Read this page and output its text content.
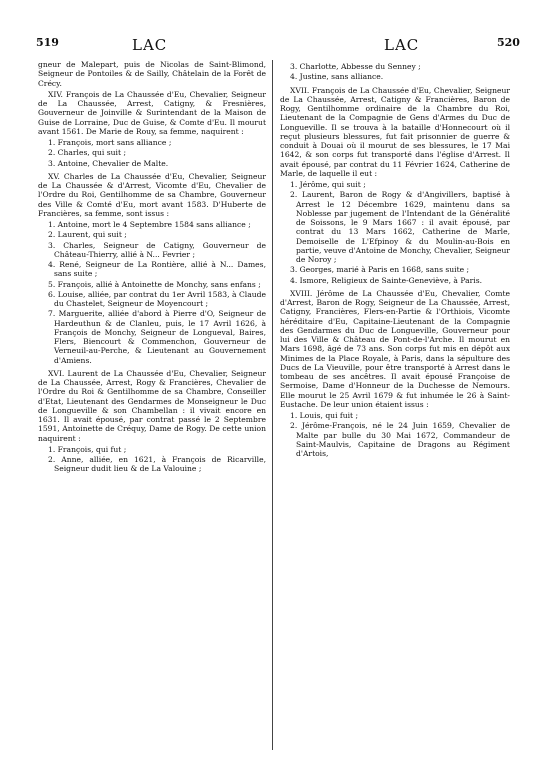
519	LAC	LAC	520

gneur de Malepart, puis de Nicolas de Saint-Blimond, Seigneur de Pontoiles & de Sailly, Châtelain de la Forêt de Crécy.

XIV. François de La Chaussée d'Eu, Chevalier, Seigneur de La Chaussée, Arrest, Catigny, & Fresnières, Gouverneur de Joinville & Surintendant de la Maison de Guise de Lorraine, Duc de Guise, & Comte d'Eu. Il mourut avant 1561. De Marie de Rouy, sa femme, naquirent :

1. François, mort sans alliance ;
2. Charles, qui suit ;
3. Antoine, Chevalier de Malte.

XV. Charles de La Chaussée d'Eu, Chevalier, Seigneur de La Chaussée & d'Arrest, Vicomte d'Eu, Chevalier de l'Ordre du Roi, Gentilhomme de sa Chambre, Gouverneur des Ville & Comté d'Eu, mort avant 1583. D'Huberte de Francières, sa femme, sont issus :

1. Antoine, mort le 4 Septembre 1584 sans alliance ;
2. Laurent, qui suit ;
3. Charles, Seigneur de Catigny, Gouverneur de Château-Thierry, allié à N... Fevrier ;
4. René, Seigneur de La Rontière, allié à N... Dames, sans suite ;
5. François, allié à Antoinette de Monchy, sans enfans ;
6. Louise, alliée, par contrat du 1er Avril 1583, à Claude du Chastelet, Seigneur de Moyencourt ;
7. Marguerite, alliée d'abord à Pierre d'O, Seigneur de Hardeuthun & de Clanleu, puis, le 17 Avril 1626, à François de Monchy, Seigneur de Longueval, Baires, Flers, Biencourt & Commenchon, Gouverneur de Verneuil-au-Perche, & Lieutenant au Gouvernement d'Amiens.

XVI. Laurent de La Chaussée d'Eu, Chevalier, Seigneur de La Chaussée, Arrest, Rogy & Francières, Chevalier de l'Ordre du Roi & Gentilhomme de sa Chambre, Conseiller d'Etat, Lieutenant des Gendarmes de Monseigneur le Duc de Longueville & son Chambellan : il vivait encore en 1631. Il avait épousé, par contrat passé le 2 Septembre 1591, Antoinette de Créquy, Dame de Rogy. De cette union naquirent :

1. François, qui fut ;
2. Anne, alliée, en 1621, à François de Ricarville, Seigneur dudit lieu & de La Valouine ;
3. Charlotte, Abbesse du Senney ;
4. Justine, sans alliance.

XVII. François de La Chaussée d'Eu, Chevalier, Seigneur de La Chaussée, Arrest, Catigny & Francières, Baron de Rogy, Gentilhomme ordinaire de la Chambre du Roi, Lieutenant de la Compagnie de Gens d'Armes du Duc de Longueville. Il se trouva à la bataille d'Honnecourt où il reçut plusieurs blessures, fut fait prisonnier de guerre & conduit à Douai où il mourut de ses blessures, le 17 Mai 1642, & son corps fut transporté dans l'église d'Arrest. Il avait épousé, par contrat du 11 Février 1624, Catherine de Marle, de laquelle il eut :

1. Jérôme, qui suit ;
2. Laurent, Baron de Rogy & d'Angivillers, baptisé à Arrest le 12 Décembre 1629, maintenu dans sa Noblesse par jugement de l'Intendant de la Généralité de Soissons, le 9 Mars 1667 : il avait épousé, par contrat du 13 Mars 1662, Catherine de Marle, Demoiselle de L'Efpinoy & du Moulin-au-Bois en partie, veuve d'Antoine de Monchy, Chevalier, Seigneur de Noroy ;
3. Georges, marié à Paris en 1668, sans suite ;
4. Ismore, Religieux de Sainte-Geneviève, à Paris.

XVIII. Jérôme de La Chaussée d'Eu, Chevalier, Comte d'Arrest, Baron de Rogy, Seigneur de La Chaussée, Arrest, Catigny, Francières, Flers-en-Partie & l'Orthiois, Vicomte héréditaire d'Eu, Capitaine-Lieutenant de la Compagnie des Gendarmes du Duc de Longueville, Gouverneur pour lui des Ville & Château de Pont-de-l'Arche. Il mourut en Mars 1698, âgé de 73 ans. Son corps fut mis en dépôt aux Minimes de la Place Royale, à Paris, dans la sépulture des Ducs de La Vieuville, pour être transporté à Arrest dans le tombeau de ses ancêtres. Il avait épousé Françoise de Sermoise, Dame d'Honneur de la Duchesse de Nemours. Elle mourut le 25 Avril 1679 & fut inhumée le 26 à Saint-Eustache. De leur union étaient issus :

1. Louis, qui fuit ;
2. Jérôme-François, né le 24 Juin 1659, Chevalier de Malte par bulle du 30 Mai 1672, Commandeur de Saint-Maulvis, Capitaine de Dragons au Régiment d'Artois,
